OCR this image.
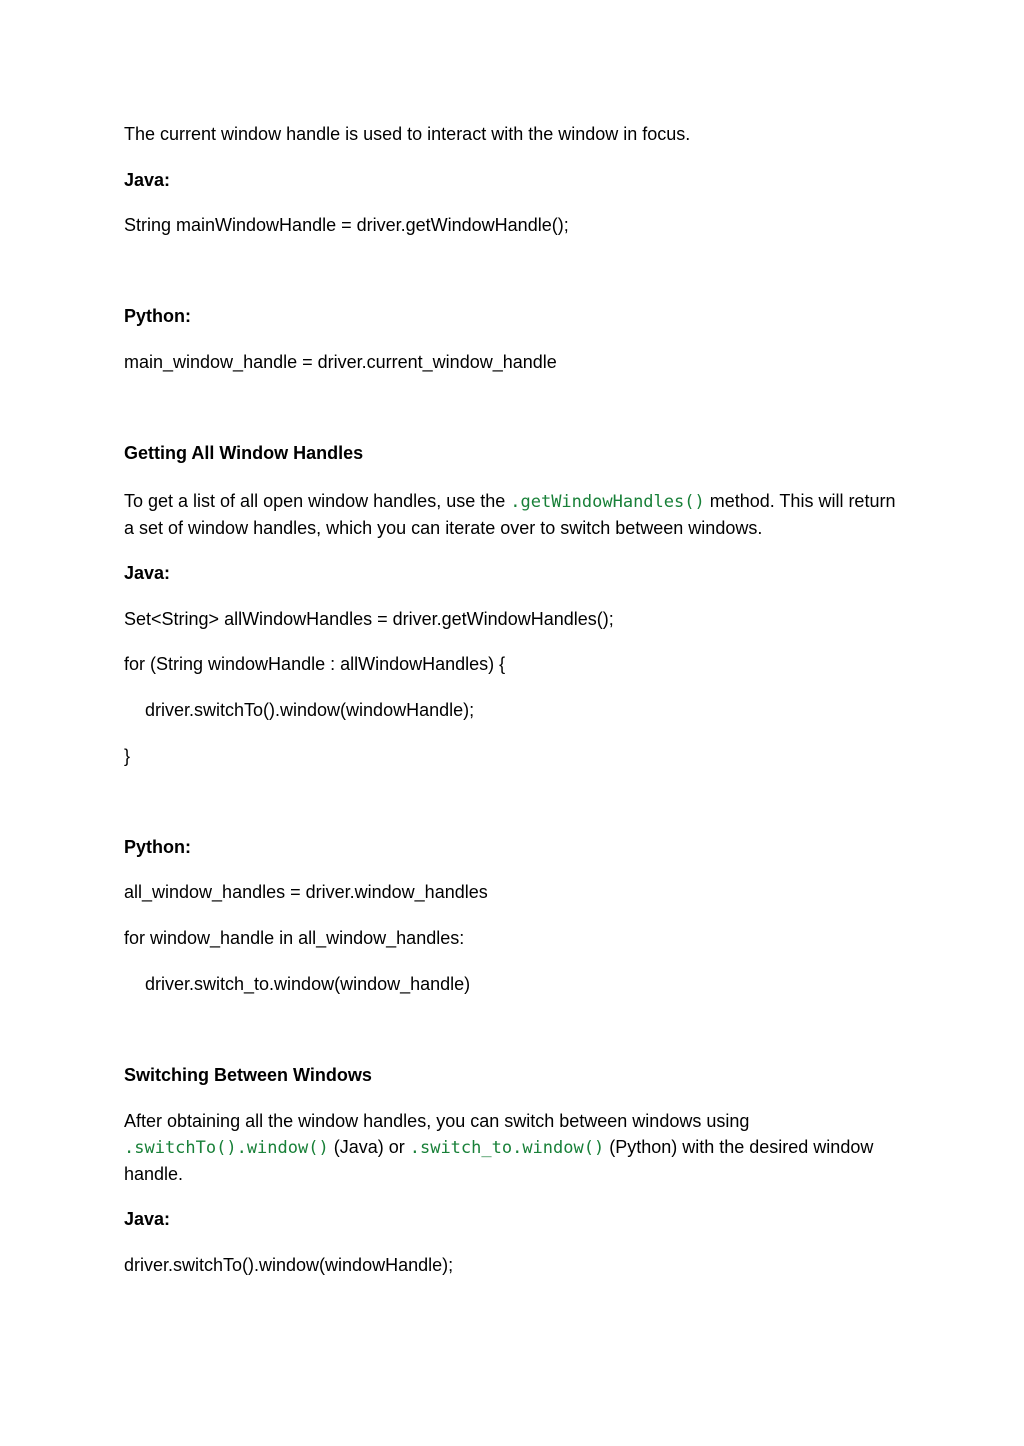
The current window handle is used to interact with the window in focus.
Java:
String mainWindowHandle = driver.getWindowHandle();
Python:
main_window_handle = driver.current_window_handle
Getting All Window Handles
To get a list of all open window handles, use the .getWindowHandles() method. This will return a set of window handles, which you can iterate over to switch between windows.
Java:
Set<String> allWindowHandles = driver.getWindowHandles();
for (String windowHandle : allWindowHandles) {
driver.switchTo().window(windowHandle);
}
Python:
all_window_handles = driver.window_handles
for window_handle in all_window_handles:
driver.switch_to.window(window_handle)
Switching Between Windows
After obtaining all the window handles, you can switch between windows using .switchTo().window() (Java) or .switch_to.window() (Python) with the desired window handle.
Java:
driver.switchTo().window(windowHandle);
